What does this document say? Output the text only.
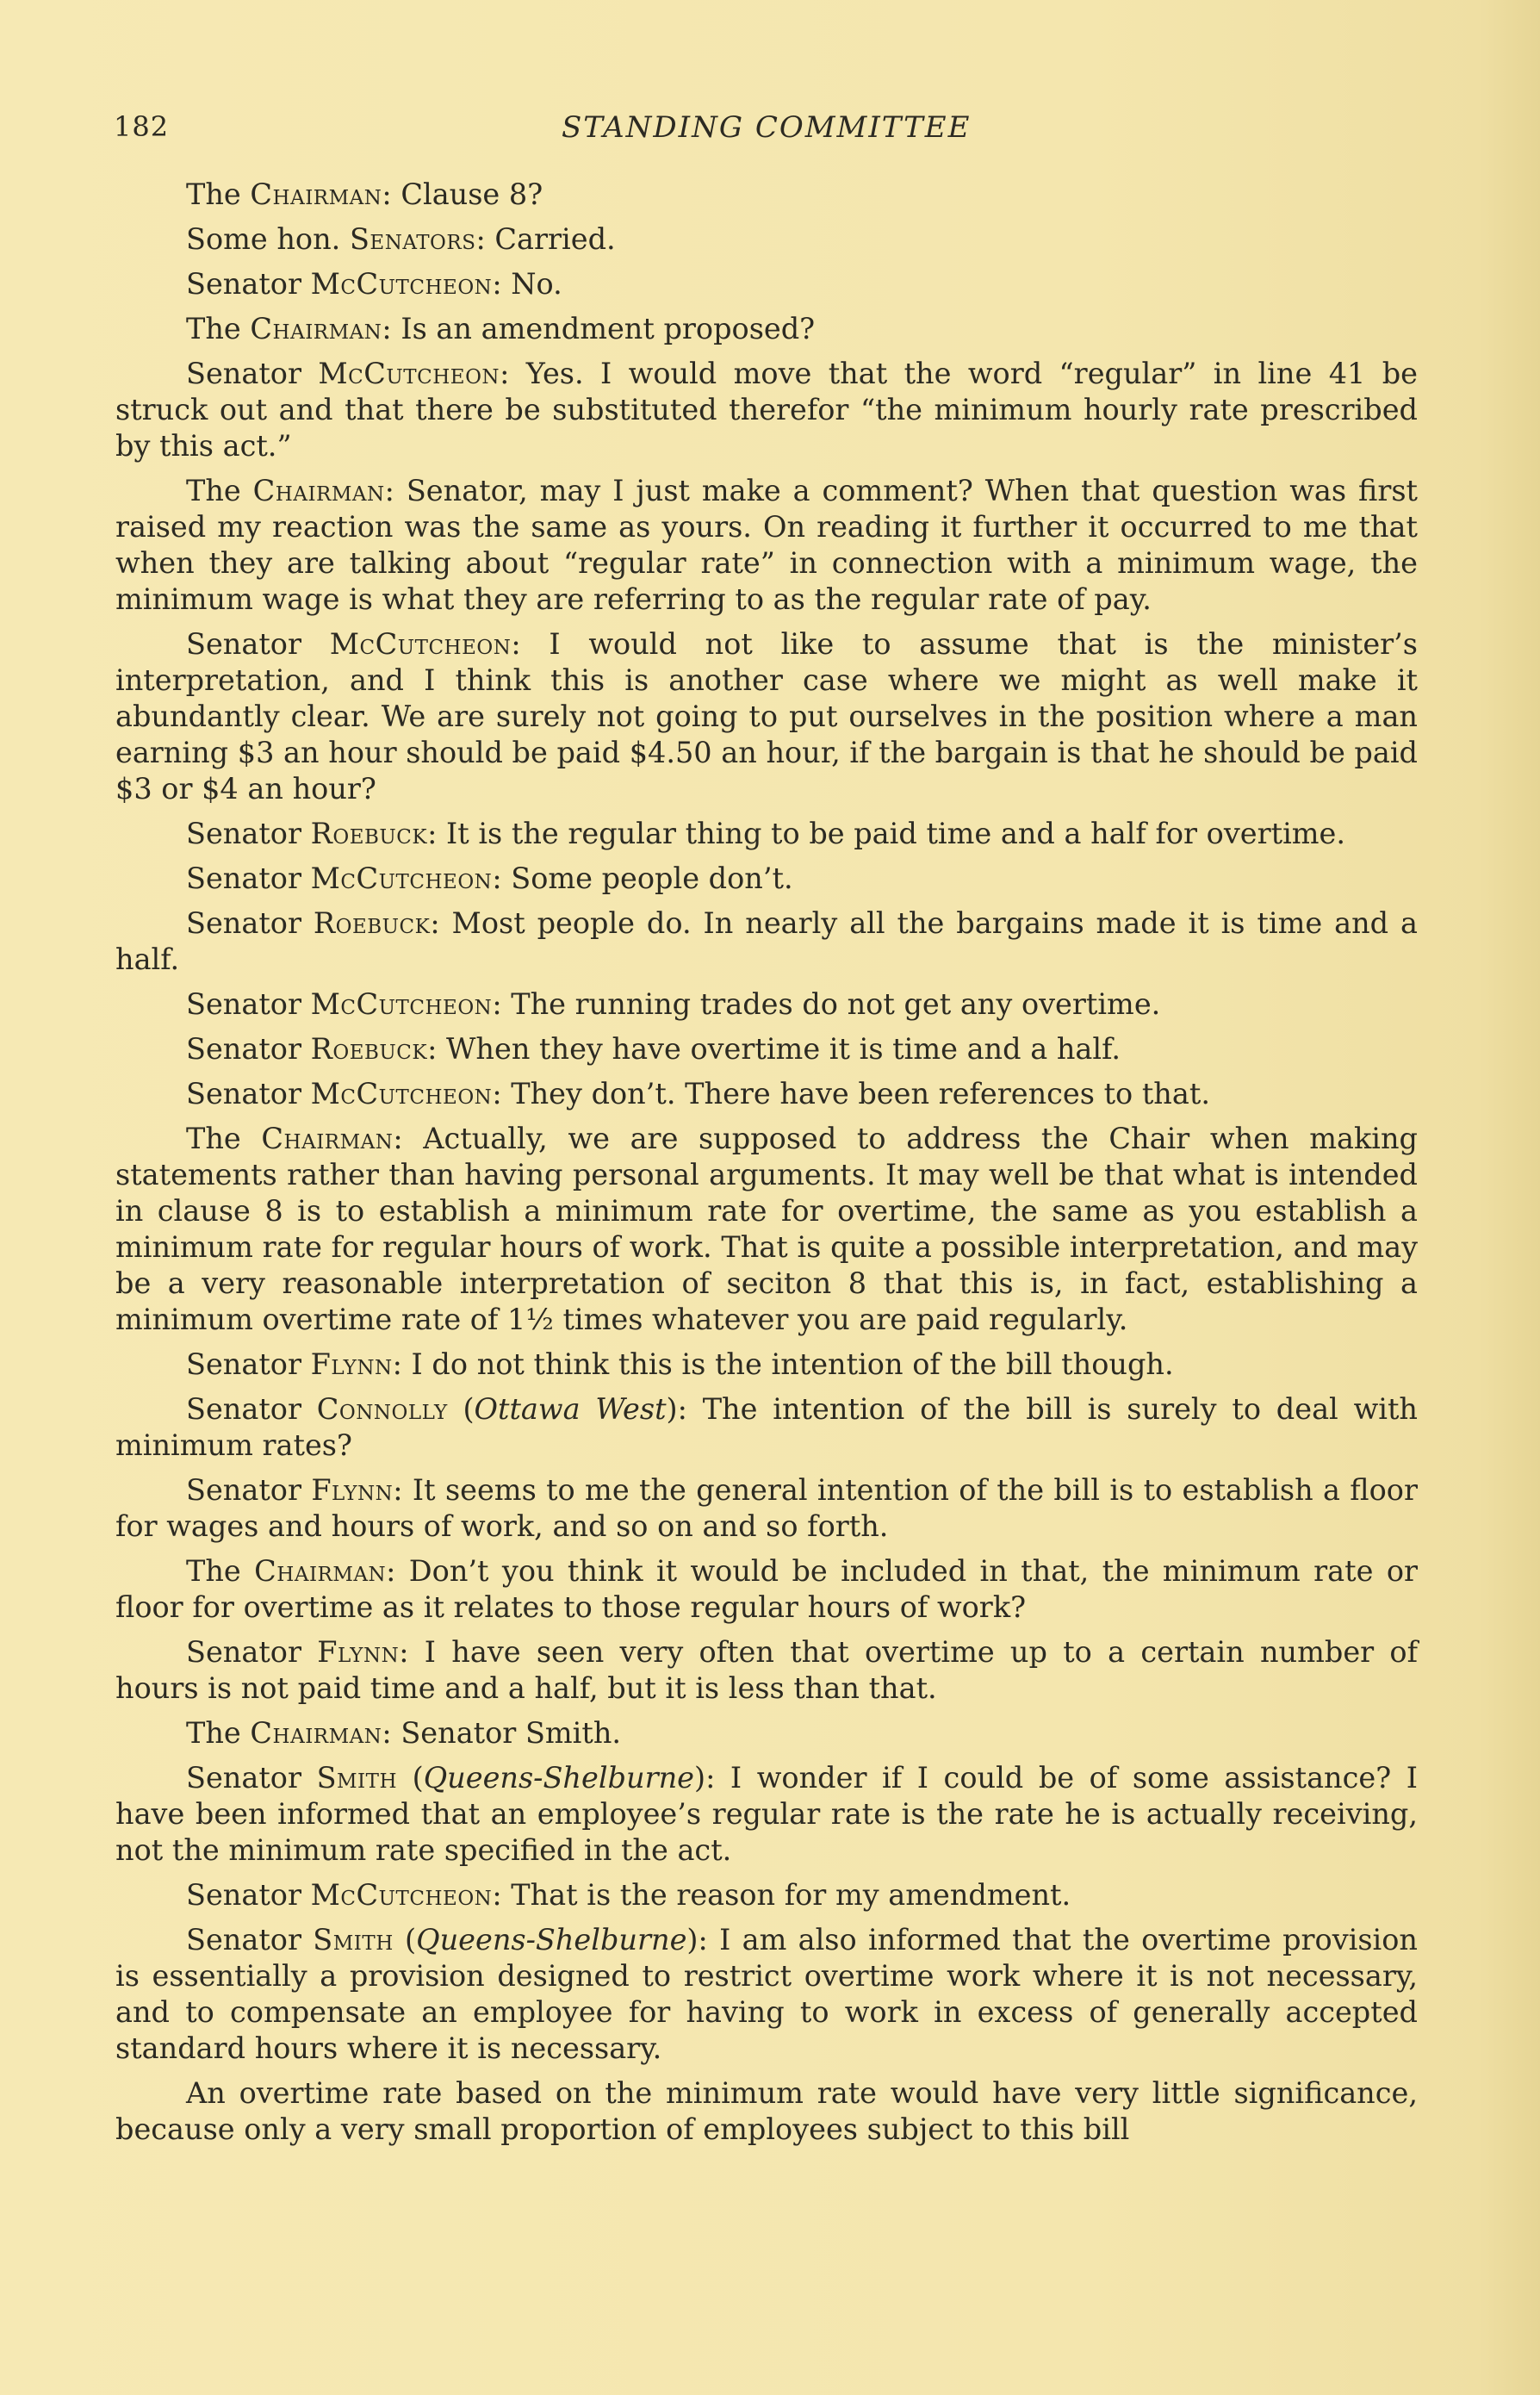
182	STANDING COMMITTEE

The Chairman: Clause 8?

Some hon. Senators: Carried.

Senator McCutcheon: No.

The Chairman: Is an amendment proposed?

Senator McCutcheon: Yes. I would move that the word “regular” in line 41 be struck out and that there be substituted therefor “the minimum hourly rate prescribed by this act.”

The Chairman: Senator, may I just make a comment? When that question was first raised my reaction was the same as yours. On reading it further it occurred to me that when they are talking about “regular rate” in connection with a minimum wage, the minimum wage is what they are referring to as the regular rate of pay.

Senator McCutcheon: I would not like to assume that is the minister’s interpretation, and I think this is another case where we might as well make it abundantly clear. We are surely not going to put ourselves in the position where a man earning $3 an hour should be paid $4.50 an hour, if the bargain is that he should be paid $3 or $4 an hour?

Senator Roebuck: It is the regular thing to be paid time and a half for overtime.

Senator McCutcheon: Some people don’t.

Senator Roebuck: Most people do. In nearly all the bargains made it is time and a half.

Senator McCutcheon: The running trades do not get any overtime.

Senator Roebuck: When they have overtime it is time and a half.

Senator McCutcheon: They don’t. There have been references to that.

The Chairman: Actually, we are supposed to address the Chair when making statements rather than having personal arguments. It may well be that what is intended in clause 8 is to establish a minimum rate for overtime, the same as you establish a minimum rate for regular hours of work. That is quite a possible interpretation, and may be a very reasonable interpretation of seciton 8 that this is, in fact, establishing a minimum overtime rate of 1½ times whatever you are paid regularly.

Senator Flynn: I do not think this is the intention of the bill though.

Senator Connolly (Ottawa West): The intention of the bill is surely to deal with minimum rates?

Senator Flynn: It seems to me the general intention of the bill is to establish a floor for wages and hours of work, and so on and so forth.

The Chairman: Don’t you think it would be included in that, the minimum rate or floor for overtime as it relates to those regular hours of work?

Senator Flynn: I have seen very often that overtime up to a certain number of hours is not paid time and a half, but it is less than that.

The Chairman: Senator Smith.

Senator Smith (Queens-Shelburne): I wonder if I could be of some assistance? I have been informed that an employee’s regular rate is the rate he is actually receiving, not the minimum rate specified in the act.

Senator McCutcheon: That is the reason for my amendment.

Senator Smith (Queens-Shelburne): I am also informed that the overtime provision is essentially a provision designed to restrict overtime work where it is not necessary, and to compensate an employee for having to work in excess of generally accepted standard hours where it is necessary.

An overtime rate based on the minimum rate would have very little significance, because only a very small proportion of employees subject to this bill
